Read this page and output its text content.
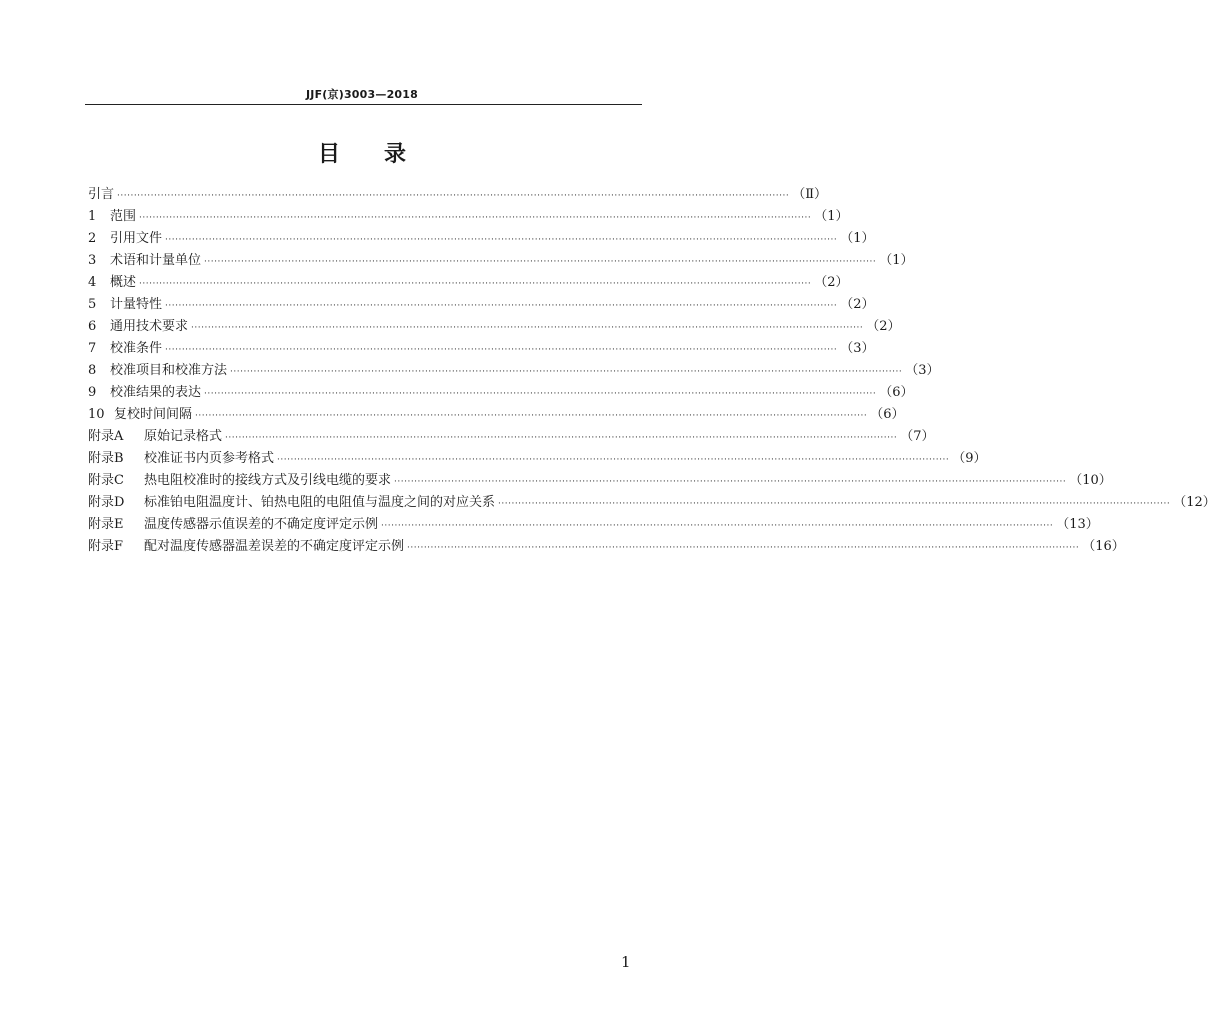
JJF(京)3003—2018
目 录
引言 ········································································································································································································ （Ⅱ）
1 范围 ········································································································································································································ （1）
2 引用文件 ········································································································································································································ （1）
3 术语和计量单位 ········································································································································································································ （1）
4 概述 ········································································································································································································ （2）
5 计量特性 ········································································································································································································ （2）
6 通用技术要求 ········································································································································································································ （2）
7 校准条件 ········································································································································································································ （3）
8 校准项目和校准方法 ········································································································································································································ （3）
9 校准结果的表达 ········································································································································································································ （6）
10 复校时间间隔 ········································································································································································································ （6）
附录A 原始记录格式 ········································································································································································································ （7）
附录B 校准证书内页参考格式 ········································································································································································································ （9）
附录C 热电阻校准时的接线方式及引线电缆的要求 ········································································································································································································ （10）
附录D 标准铂电阻温度计、铂热电阻的电阻值与温度之间的对应关系 ········································································································································································································ （12）
附录E 温度传感器示值误差的不确定度评定示例 ········································································································································································································ （13）
附录F 配对温度传感器温差误差的不确定度评定示例 ········································································································································································································ （16）
1
